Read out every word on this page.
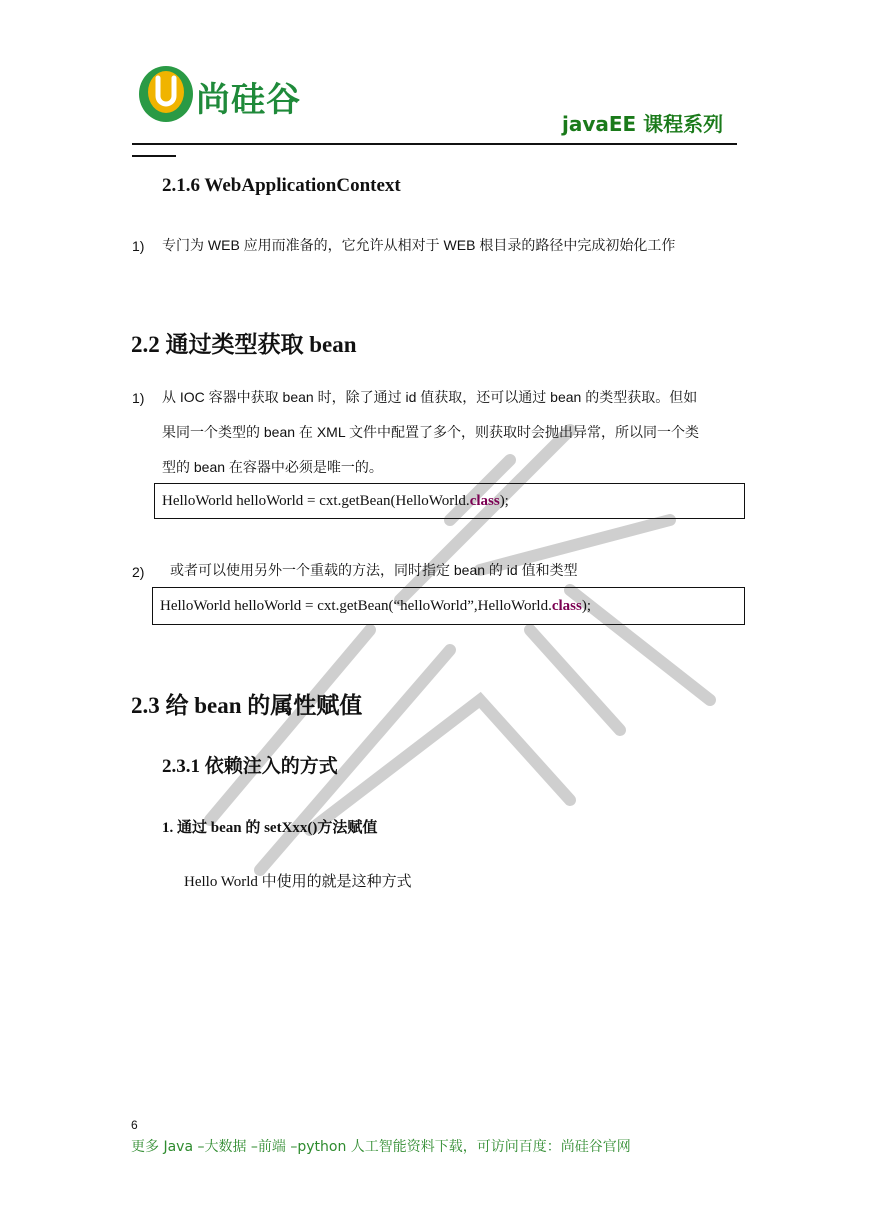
尚硅谷
javaEE 课程系列
2.1.6 WebApplicationContext
1) 专门为 WEB 应用而准备的，它允许从相对于 WEB 根目录的路径中完成初始化工作
2.2 通过类型获取 bean
1) 从 IOC 容器中获取 bean 时，除了通过 id 值获取，还可以通过 bean 的类型获取。但如
果同一个类型的 bean 在 XML 文件中配置了多个，则获取时会抛出异常，所以同一个类
型的 bean 在容器中必须是唯一的。
HelloWorld helloWorld = cxt.getBean(HelloWorld. class );
2) 或者可以使用另外一个重载的方法，同时指定 bean 的 id 值和类型
HelloWorld helloWorld = cxt.getBean(“helloWorld”,HelloWorld. class );
2.3 给 bean 的属性赋值
2.3.1 依赖注入的方式
1. 通过 bean 的 setXxx()方法赋值
Hello World 中使用的就是这种方式
6
更多 Java –大数据 –前端 –python 人工智能资料下载，可访问百度：尚硅谷官网
